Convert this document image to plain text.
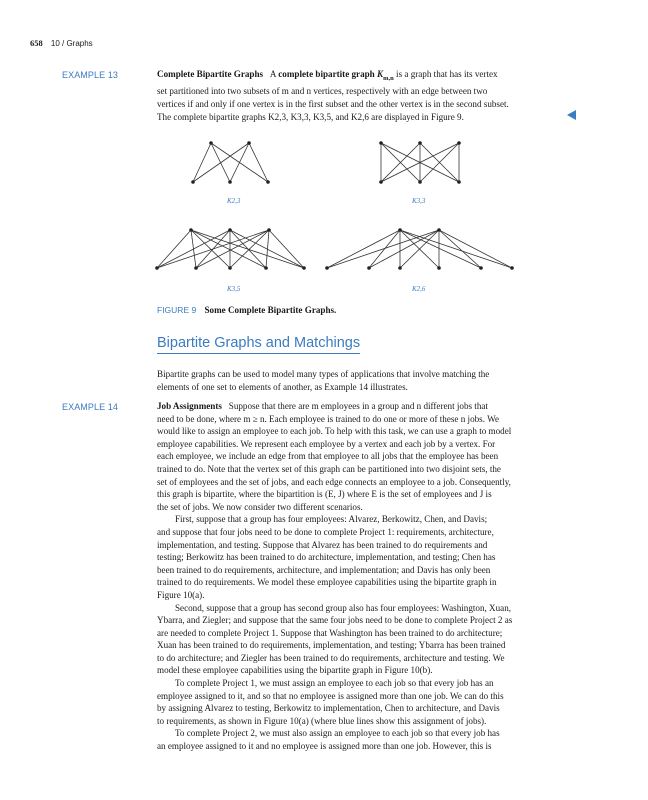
658 10 / Graphs
EXAMPLE 13	Complete Bipartite Graphs A complete bipartite graph $K_{m,n}$ is a graph that has its vertex
set partitioned into two subsets of m and n vertices, respectively with an edge between two
vertices if and only if one vertex is in the first subset and the other vertex is in the second subset.
The complete bipartite graphs K2,3, K3,3, K3,5, and K2,6 are displayed in Figure 9.
K2,3	K3,3
K3,5	K2,6
FIGURE 9 Some Complete Bipartite Graphs.
Bipartite Graphs and Matchings
Bipartite graphs can be used to model many types of applications that involve matching the
elements of one set to elements of another, as Example 14 illustrates.
EXAMPLE 14	Job Assignments   Suppose that there are m employees in a group and n different jobs that
need to be done, where m ≥ n. Each employee is trained to do one or more of these n jobs. We
would like to assign an employee to each job. To help with this task, we can use a graph to model
employee capabilities. We represent each employee by a vertex and each job by a vertex. For
each employee, we include an edge from that employee to all jobs that the employee has been
trained to do. Note that the vertex set of this graph can be partitioned into two disjoint sets, the
set of employees and the set of jobs, and each edge connects an employee to a job. Consequently,
this graph is bipartite, where the bipartition is (E, J) where E is the set of employees and J is
the set of jobs. We now consider two different scenarios.
First, suppose that a group has four employees: Alvarez, Berkowitz, Chen, and Davis;
and suppose that four jobs need to be done to complete Project 1: requirements, architecture,
implementation, and testing. Suppose that Alvarez has been trained to do requirements and
testing; Berkowitz has been trained to do architecture, implementation, and testing; Chen has
been trained to do requirements, architecture, and implementation; and Davis has only been
trained to do requirements. We model these employee capabilities using the bipartite graph in
Figure 10(a).
Second, suppose that a group has second group also has four employees: Washington, Xuan,
Ybarra, and Ziegler; and suppose that the same four jobs need to be done to complete Project 2 as
are needed to complete Project 1. Suppose that Washington has been trained to do architecture;
Xuan has been trained to do requirements, implementation, and testing; Ybarra has been trained
to do architecture; and Ziegler has been trained to do requirements, architecture and testing. We
model these employee capabilities using the bipartite graph in Figure 10(b).
To complete Project 1, we must assign an employee to each job so that every job has an
employee assigned to it, and so that no employee is assigned more than one job. We can do this
by assigning Alvarez to testing, Berkowitz to implementation, Chen to architecture, and Davis
to requirements, as shown in Figure 10(a) (where blue lines show this assignment of jobs).
To complete Project 2, we must also assign an employee to each job so that every job has
an employee assigned to it and no employee is assigned more than one job. However, this is
